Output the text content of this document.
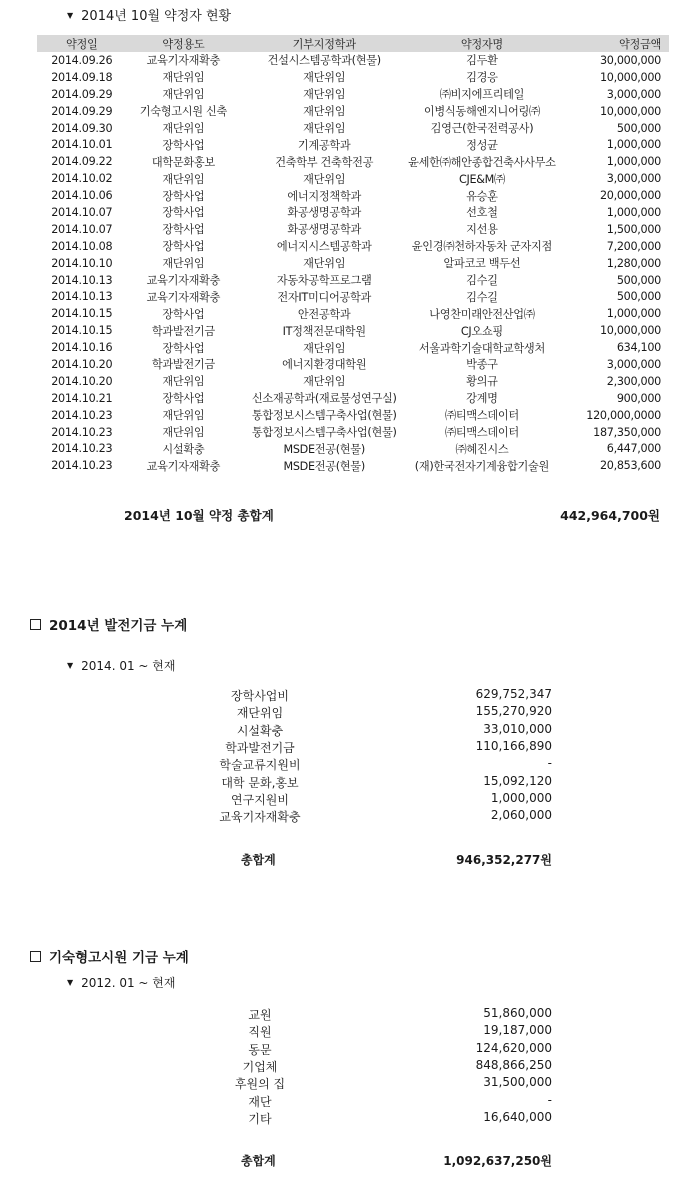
▼ 2014년 10월 약정자 현황
약정일	약정용도	기부지정학과	약정자명	약정금액
2014.09.26	교육기자재확충	건설시스템공학과(현물)	김두환	30,000,000
2014.09.18	재단위임	재단위임	김경응	10,000,000
2014.09.29	재단위임	재단위임	㈜비지에프리테일	3,000,000
2014.09.29	기숙형고시원 신축	재단위임	이병식동해엔지니어링㈜	10,000,000
2014.09.30	재단위임	재단위임	김영근(한국전력공사)	500,000
2014.10.01	장학사업	기계공학과	정성균	1,000,000
2014.09.22	대학문화홍보	건축학부 건축학전공	윤세한㈜해안종합건축사사무소	1,000,000
2014.10.02	재단위임	재단위임	CJE&M㈜	3,000,000
2014.10.06	장학사업	에너지정책학과	유승훈	20,000,000
2014.10.07	장학사업	화공생명공학과	선호철	1,000,000
2014.10.07	장학사업	화공생명공학과	지선용	1,500,000
2014.10.08	장학사업	에너지시스템공학과	윤인경㈜천하자동차 군자지점	7,200,000
2014.10.10	재단위임	재단위임	알파코코 백두선	1,280,000
2014.10.13	교육기자재확충	자동차공학프로그램	김수길	500,000
2014.10.13	교육기자재확충	전자IT미디어공학과	김수길	500,000
2014.10.15	장학사업	안전공학과	나영찬미래안전산업㈜	1,000,000
2014.10.15	학과발전기금	IT정책전문대학원	CJ오쇼핑	10,000,000
2014.10.16	장학사업	재단위임	서울과학기술대학교학생처	634,100
2014.10.20	학과발전기금	에너지환경대학원	박종구	3,000,000
2014.10.20	재단위임	재단위임	황의규	2,300,000
2014.10.21	장학사업	신소재공학과(재료물성연구실)	강계명	900,000
2014.10.23	재단위임	통합정보시스템구축사업(현물)	㈜티맥스데이터	120,000,0000
2014.10.23	재단위임	통합정보시스템구축사업(현물)	㈜티맥스데이터	187,350,000
2014.10.23	시설확충	MSDE전공(현물)	㈜혜진시스	6,447,000
2014.10.23	교육기자재확충	MSDE전공(현물)	(재)한국전자기계융합기술원	20,853,600
2014년 10월 약정 총합계	442,964,700원
2014년 발전기금 누계
▼ 2014. 01 ~ 현재
장학사업비	629,752,347
재단위임	155,270,920
시설확충	33,010,000
학과발전기금	110,166,890
학술교류지원비	-
대학 문화,홍보	15,092,120
연구지원비	1,000,000
교육기자재확충	2,060,000
총합계	946,352,277원
기숙형고시원 기금 누계
▼ 2012. 01 ~ 현재
교원	51,860,000
직원	19,187,000
동문	124,620,000
기업체	848,866,250
후원의 집	31,500,000
재단	-
기타	16,640,000
총합계	1,092,637,250원
